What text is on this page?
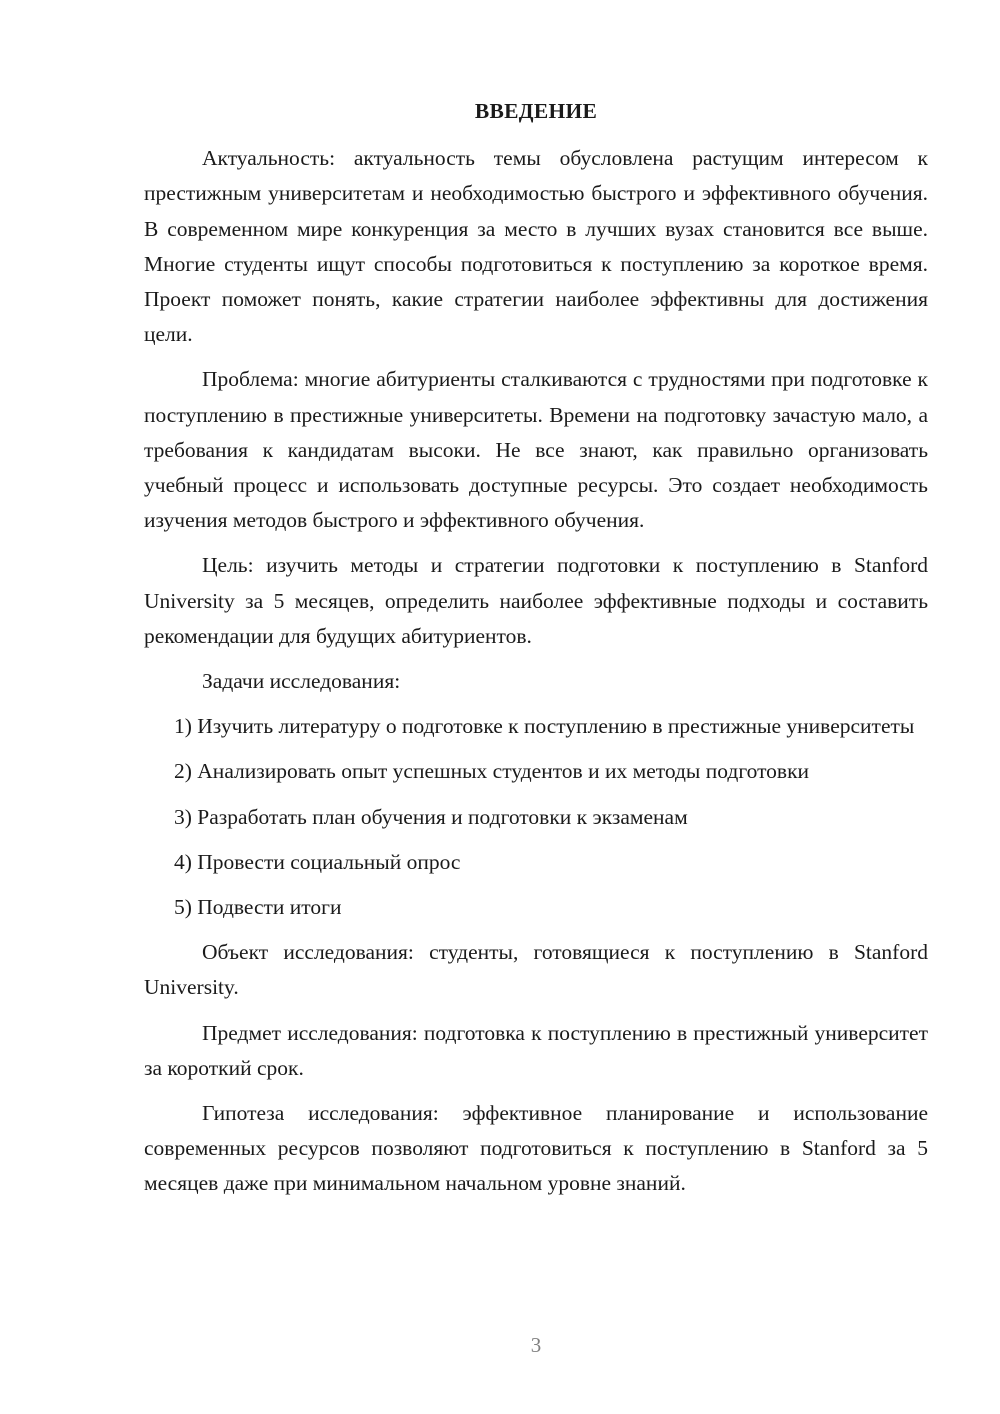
ВВЕДЕНИЕ

Актуальность: актуальность темы обусловлена растущим интересом к престижным университетам и необходимостью быстрого и эффективного обучения. В современном мире конкуренция за место в лучших вузах становится все выше. Многие студенты ищут способы подготовиться к поступлению за короткое время. Проект поможет понять, какие стратегии наиболее эффективны для достижения цели.

Проблема: многие абитуриенты сталкиваются с трудностями при подготовке к поступлению в престижные университеты. Времени на подготовку зачастую мало, а требования к кандидатам высоки. Не все знают, как правильно организовать учебный процесс и использовать доступные ресурсы. Это создает необходимость изучения методов быстрого и эффективного обучения.

Цель: изучить методы и стратегии подготовки к поступлению в Stanford University за 5 месяцев, определить наиболее эффективные подходы и составить рекомендации для будущих абитуриентов.

Задачи исследования:

1) Изучить литературу о подготовке к поступлению в престижные университеты

2) Анализировать опыт успешных студентов и их методы подготовки

3) Разработать план обучения и подготовки к экзаменам

4) Провести социальный опрос

5) Подвести итоги

Объект исследования: студенты, готовящиеся к поступлению в Stanford University.

Предмет исследования: подготовка к поступлению в престижный университет за короткий срок.

Гипотеза исследования: эффективное планирование и использование современных ресурсов позволяют подготовиться к поступлению в Stanford за 5 месяцев даже при минимальном начальном уровне знаний.

3
